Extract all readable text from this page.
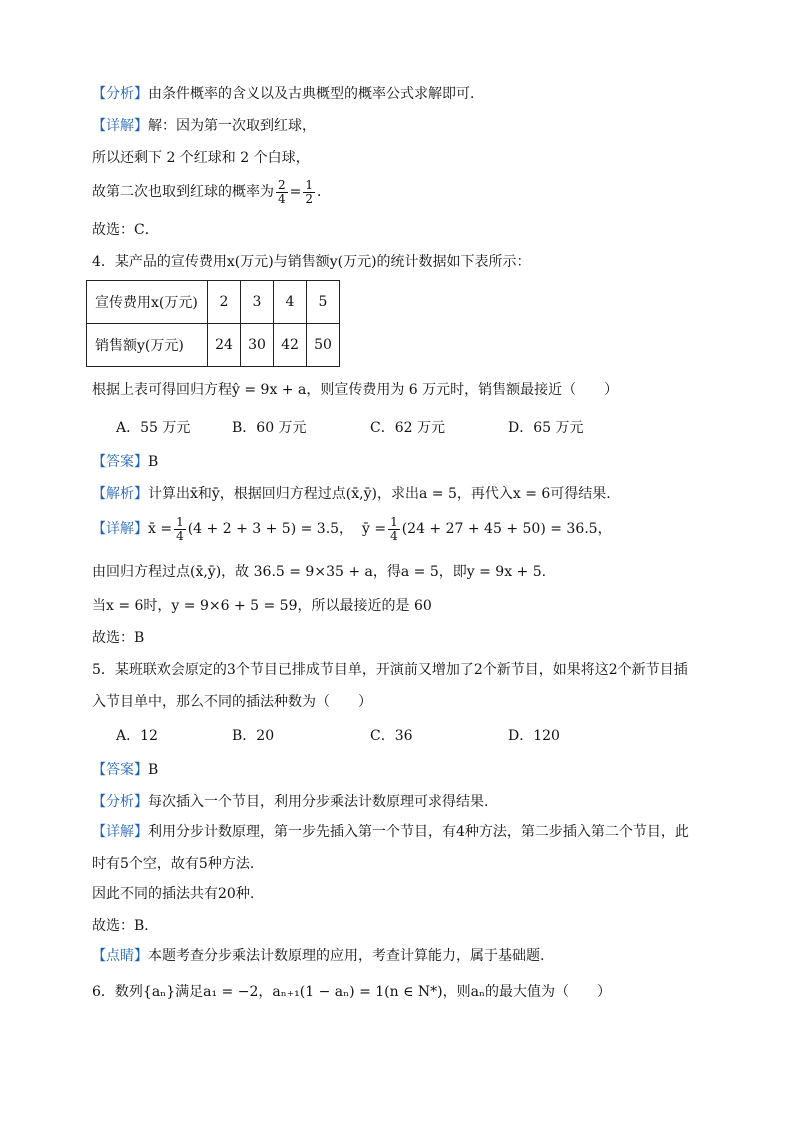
【分析】由条件概率的含义以及古典概型的概率公式求解即可．
【详解】解：因为第一次取到红球，
所以还剩下 2 个红球和 2 个白球，
故第二次也取到红球的概率为 $\frac{2}{4} = \frac{1}{2}$ ．
故选：C．
4．某产品的宣传费用x(万元)与销售额y(万元)的统计数据如下表所示：
宣传费用x(万元)	2	3	4	5
销售额y(万元)	24	30	42	50
根据上表可得回归方程ŷ = 9x + a，则宣传费用为 6 万元时，销售额最接近（　　）
A．55 万元	B．60 万元	C．62 万元	D．65 万元
【答案】B
【解析】计算出x̄和ȳ，根据回归方程过点(x̄,ȳ)，求出a = 5，再代入x = 6可得结果.
【详解】x̄ = $\frac{1}{4} (4 + 2 + 3 + 5) = 3.5$， ȳ = $\frac{1}{4} (24 + 27 + 45 + 50) = 36.5$，
由回归方程过点(x̄,ȳ)，故 36.5 = 9×35 + a，得a = 5，即y = 9x + 5.
当x = 6时，y = 9×6 + 5 = 59，所以最接近的是 60
故选：B
5．某班联欢会原定的3个节目已排成节目单，开演前又增加了2个新节目，如果将这2个新节目插
入节目单中，那么不同的插法种数为（　　）
A．12	B．20	C．36	D．120
【答案】B
【分析】每次插入一个节目，利用分步乘法计数原理可求得结果.
【详解】利用分步计数原理，第一步先插入第一个节目，有4种方法，第二步插入第二个节目，此
时有5个空，故有5种方法.
因此不同的插法共有20种.
故选：B.
【点睛】本题考查分步乘法计数原理的应用，考查计算能力，属于基础题.
6．数列{aₙ}满足a₁ = −2，aₙ₊₁(1 − aₙ) = 1(n ∈ N*)，则aₙ的最大值为（　　）
